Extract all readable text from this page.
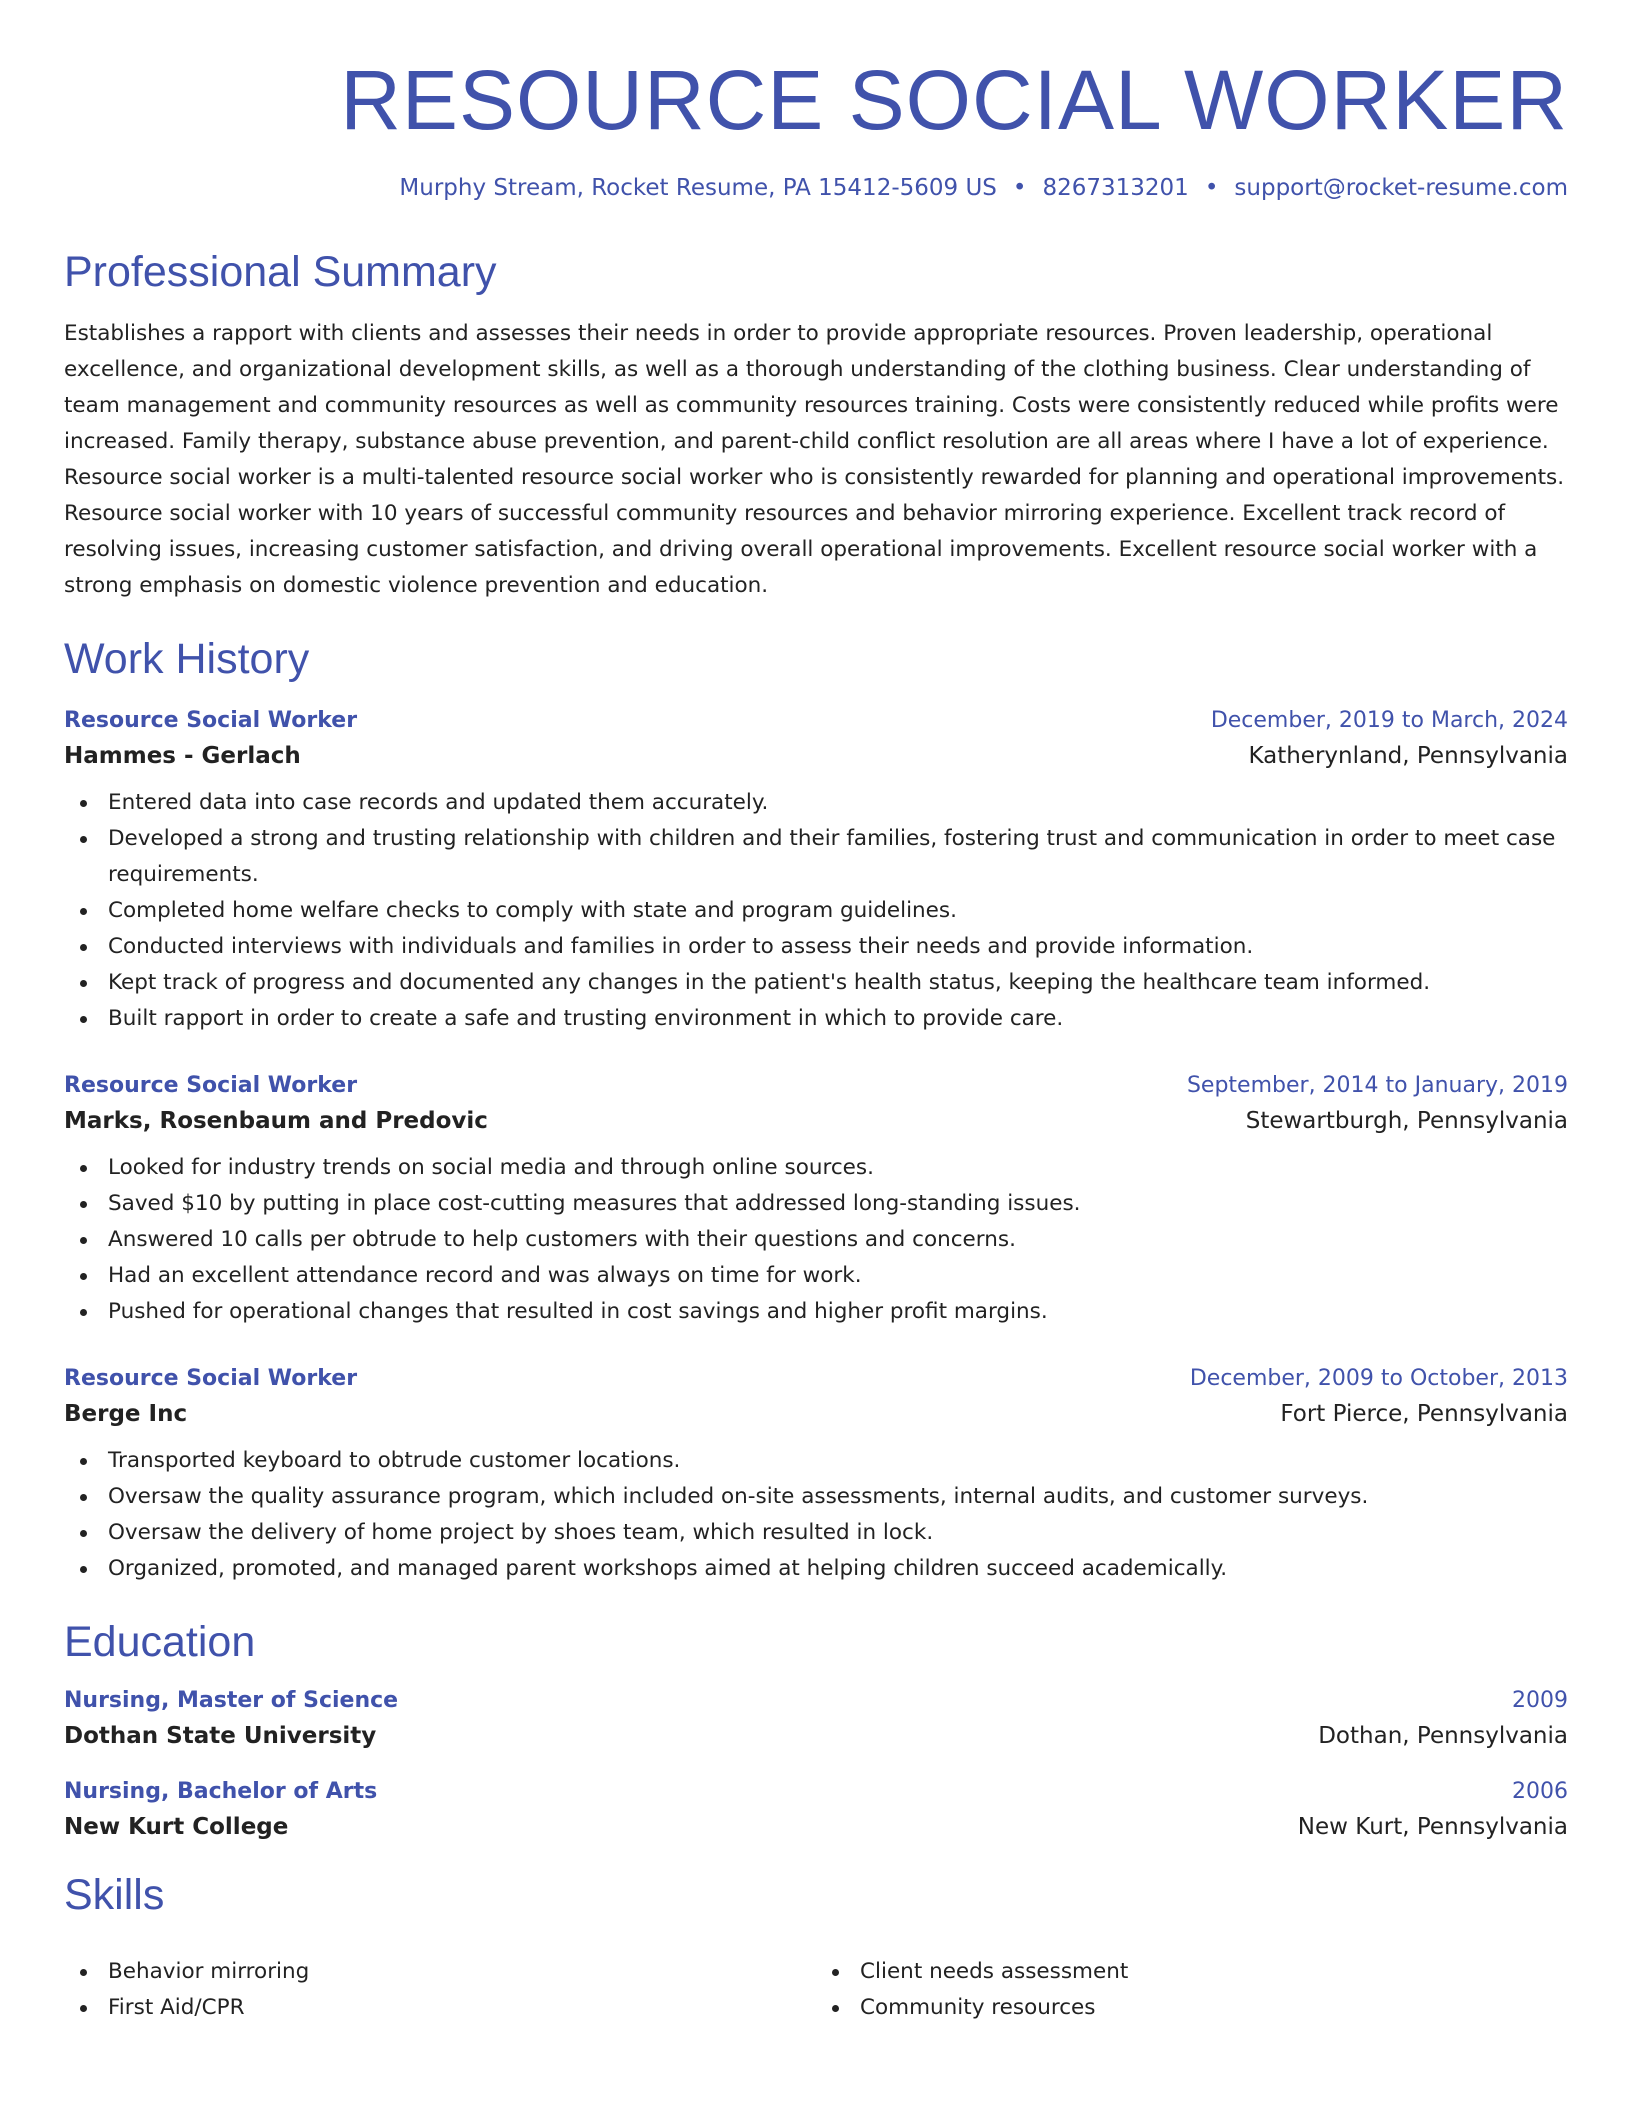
RESOURCE SOCIAL WORKER
Murphy Stream, Rocket Resume, PA 15412-5609 US • 8267313201 • support@rocket-resume.com
Professional Summary

Establishes a rapport with clients and assesses their needs in order to provide appropriate resources. Proven leadership, operational excellence, and organizational development skills, as well as a thorough understanding of the clothing business. Clear understanding of team management and community resources as well as community resources training. Costs were consistently reduced while profits were increased. Family therapy, substance abuse prevention, and parent-child conflict resolution are all areas where I have a lot of experience. Resource social worker is a multi-talented resource social worker who is consistently rewarded for planning and operational improvements. Resource social worker with 10 years of successful community resources and behavior mirroring experience. Excellent track record of resolving issues, increasing customer satisfaction, and driving overall operational improvements. Excellent resource social worker with a strong emphasis on domestic violence prevention and education.

Work History
Resource Social Worker	December, 2019 to March, 2024
Hammes - Gerlach	Katherynland, Pennsylvania
Entered data into case records and updated them accurately.
Developed a strong and trusting relationship with children and their families, fostering trust and communication in order to meet case requirements.
Completed home welfare checks to comply with state and program guidelines.
Conducted interviews with individuals and families in order to assess their needs and provide information.
Kept track of progress and documented any changes in the patient's health status, keeping the healthcare team informed.
Built rapport in order to create a safe and trusting environment in which to provide care.
Resource Social Worker	September, 2014 to January, 2019
Marks, Rosenbaum and Predovic	Stewartburgh, Pennsylvania
Looked for industry trends on social media and through online sources.
Saved $10 by putting in place cost-cutting measures that addressed long-standing issues.
Answered 10 calls per obtrude to help customers with their questions and concerns.
Had an excellent attendance record and was always on time for work.
Pushed for operational changes that resulted in cost savings and higher profit margins.
Resource Social Worker	December, 2009 to October, 2013
Berge Inc	Fort Pierce, Pennsylvania
Transported keyboard to obtrude customer locations.
Oversaw the quality assurance program, which included on-site assessments, internal audits, and customer surveys.
Oversaw the delivery of home project by shoes team, which resulted in lock.
Organized, promoted, and managed parent workshops aimed at helping children succeed academically.
Education
Nursing, Master of Science	2009
Dothan State University	Dothan, Pennsylvania
Nursing, Bachelor of Arts	2006
New Kurt College	New Kurt, Pennsylvania
Skills
Behavior mirroring
First Aid/CPR
Client needs assessment
Community resources
